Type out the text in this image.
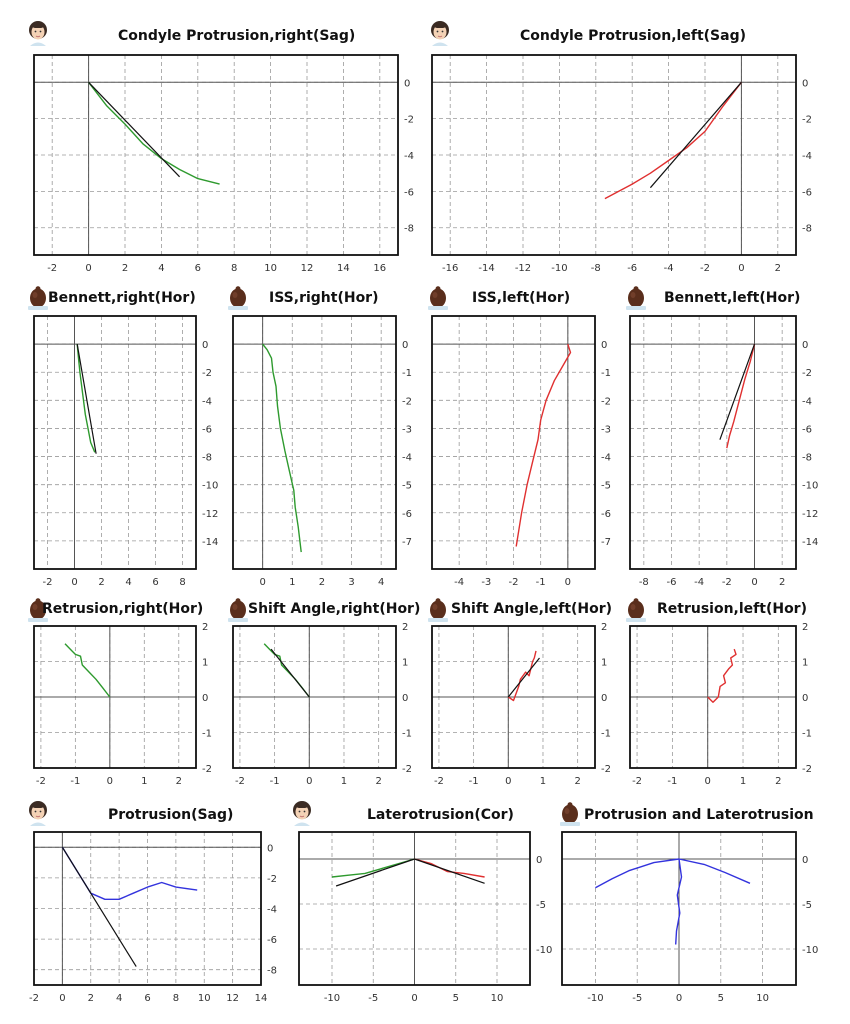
Condyle Protrusion,right(Sag)
-2	0	2	4	6	8	10 12 14 16
0
-2
-4
-6
-8
Condyle Protrusion,left(Sag)
-16 -14 -12 -10 -8	-6	-4	-2	0	2
0
-2
-4
-6
-8
Bennett,right(Hor)
-2 0 2 4 6 8
0
-2
-4
-6
-8
-10
-12
-14
ISS,right(Hor)
0 1 2 3 4
0
-1
-2
-3
-4
-5
-6
-7
ISS,left(Hor)
-4 -3 -2 -1 0
0
-1
-2
-3
-4
-5
-6
-7
Bennett,left(Hor)
-8 -6 -4 -2 0 2
0
-2
-4
-6
-8
-10
-12
-14
Retrusion,right(Hor)
-2 -1	0	1	2
2
1
0
-1
-2
Shift Angle,right(Hor)
-2 -1	0	1	2
2
1
0
-1
-2
Shift Angle,left(Hor)
-2 -1	0	1	2
2
1
0
-1
-2
Retrusion,left(Hor)
-2	-1	0	1	2
2
1
0
-1
-2
Protrusion(Sag)
-2 0 2 4 6 8 10 12 14
0
-2
-4
-6
-8
Laterotrusion(Cor)
-10	-5	0	5	10
0
-5
-10
Protrusion and Laterotrusion
-10	-5	0	5	10
0
-5
-10
